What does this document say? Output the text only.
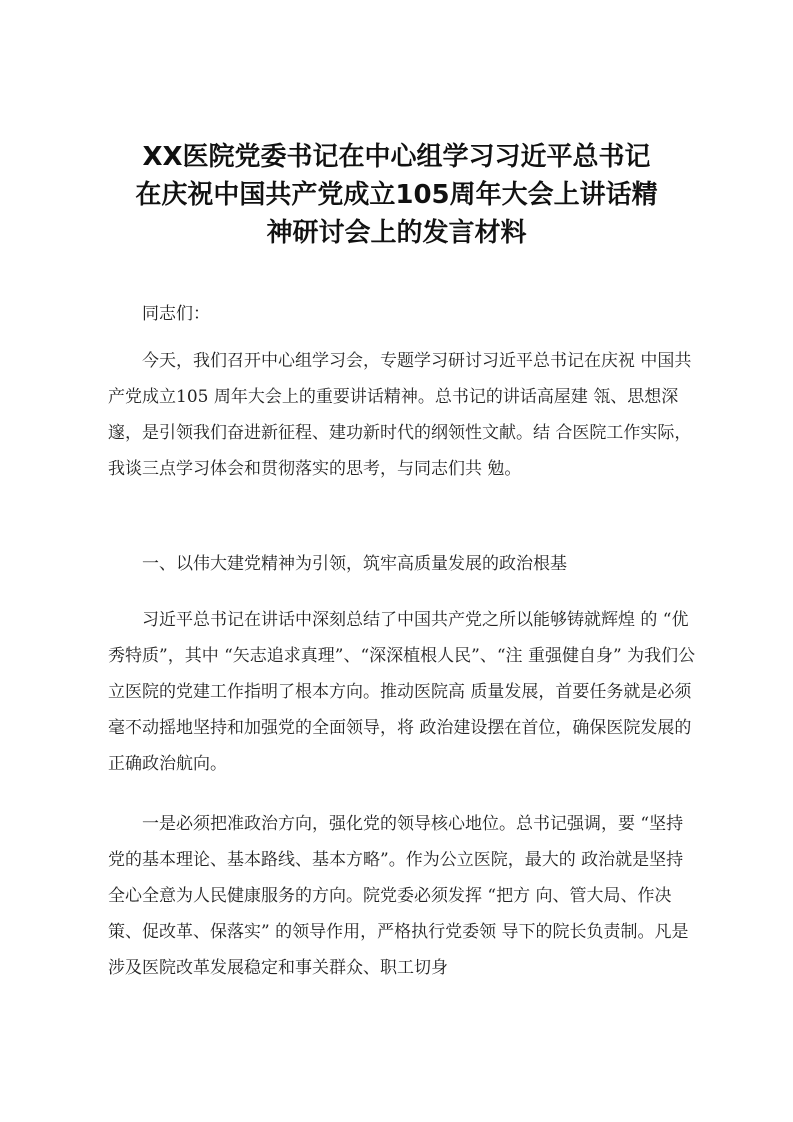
XX医院党委书记在中心组学习习近平总书记
在庆祝中国共产党成立105周年大会上讲话精
神研讨会上的发言材料
同志们：
　　今天，我们召开中心组学习会，专题学习研讨习近平总书记在庆祝 中国共产党成立105 周年大会上的重要讲话精神。总书记的讲话高屋建 瓴、思想深邃，是引领我们奋进新征程、建功新时代的纲领性文献。结 合医院工作实际，我谈三点学习体会和贯彻落实的思考，与同志们共 勉。
　　一、以伟大建党精神为引领，筑牢高质量发展的政治根基
　　习近平总书记在讲话中深刻总结了中国共产党之所以能够铸就辉煌 的 “优秀特质”，其中 “矢志追求真理”、“深深植根人民”、“注 重强健自身” 为我们公立医院的党建工作指明了根本方向。推动医院高 质量发展，首要任务就是必须毫不动摇地坚持和加强党的全面领导，将 政治建设摆在首位，确保医院发展的正确政治航向。
　　一是必须把准政治方向，强化党的领导核心地位。总书记强调，要 “坚持党的基本理论、基本路线、基本方略”。作为公立医院，最大的 政治就是坚持全心全意为人民健康服务的方向。院党委必须发挥 “把方 向、管大局、作决策、促改革、保落实” 的领导作用，严格执行党委领 导下的院长负责制。凡是涉及医院改革发展稳定和事关群众、职工切身
